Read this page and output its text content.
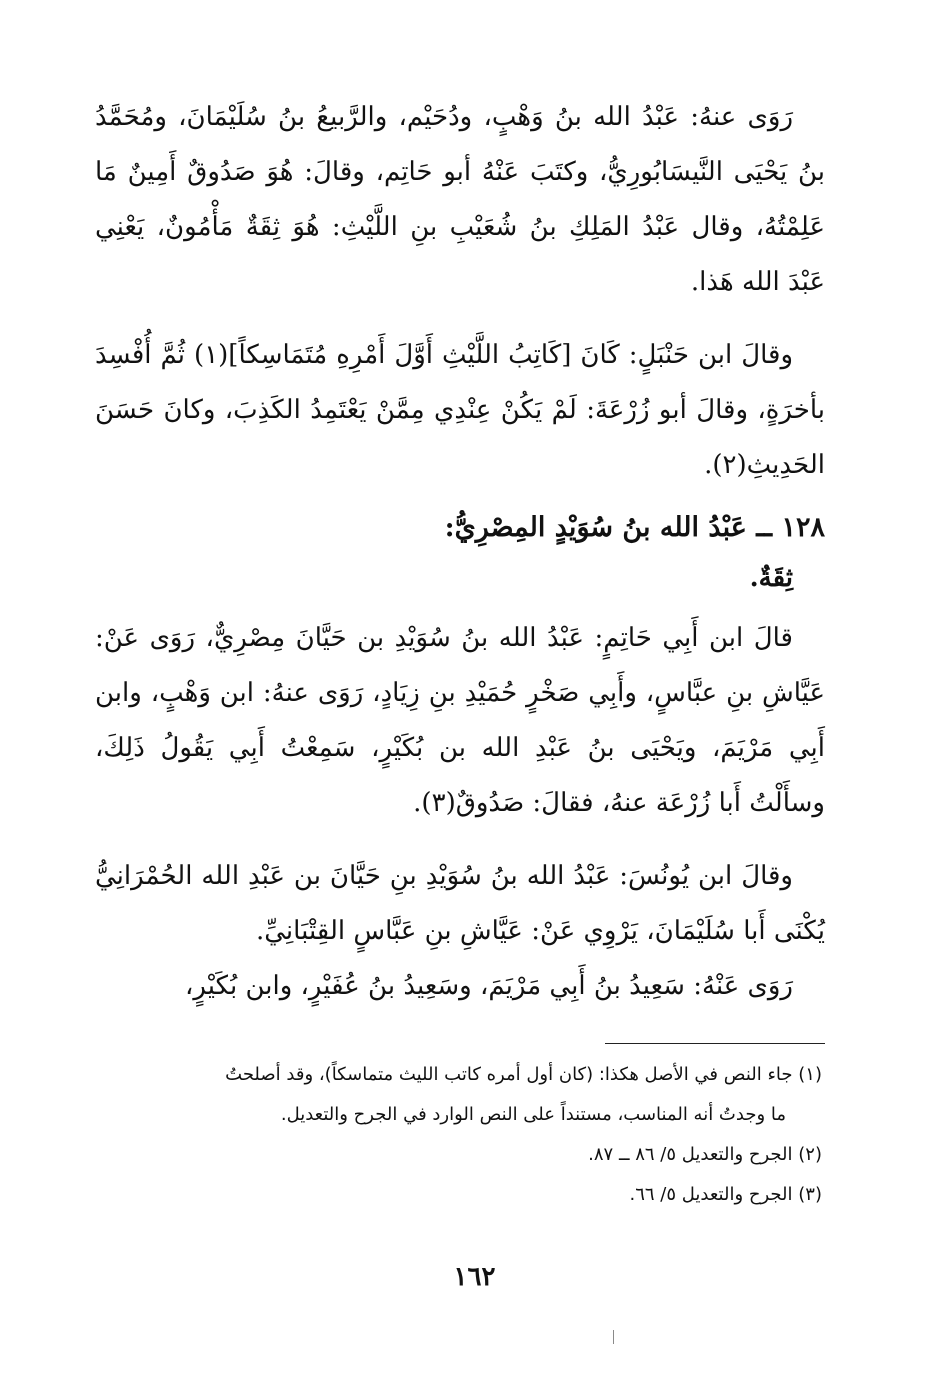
رَوَى عنهُ: عَبْدُ الله بنُ وَهْبٍ، ودُحَيْم، والرَّبيعُ بنُ سُلَيْمَانَ، ومُحَمَّدُ بنُ يَحْيَى النَّيسَابُورِيُّ، وكتَبَ عَنْهُ أبو حَاتِم، وقالَ: هُوَ صَدُوقٌ أَمِينٌ مَا عَلِمْتُهُ، وقال عَبْدُ المَلِكِ بنُ شُعَيْبِ بنِ اللَّيْثِ: هُوَ ثِقَةٌ مَأْمُونٌ، يَعْنِي عَبْدَ الله هَذا.

وقالَ ابن حَنْبَلٍ: كَانَ [كَاتِبُ اللَّيْثِ أَوَّلَ أَمْرِهِ مُتَمَاسِكاً](١) ثُمَّ أُفْسِدَ بأخرَةٍ، وقالَ أبو زُرْعَةَ: لَمْ يَكُنْ عِنْدِي مِمَّنْ يَعْتَمِدُ الكَذِبَ، وكانَ حَسَنَ الحَدِيثِ(٢).

١٢٨ ــ عَبْدُ الله بنُ سُوَيْدٍ المِصْرِيُّ:

ثِقَةٌ.

قالَ ابن أَبِي حَاتِمٍ: عَبْدُ الله بنُ سُوَيْدِ بن حَيَّانَ مِصْرِيٌّ، رَوَى عَنْ: عَيَّاشِ بنِ عبَّاسٍ، وأَبِي صَخْرٍ حُمَيْدِ بنِ زِيَادٍ، رَوَى عنهُ: ابن وَهْبٍ، وابن أَبِي مَرْيَمَ، ويَحْيَى بنُ عَبْدِ الله بن بُكَيْرٍ، سَمِعْتُ أَبِي يَقُولُ ذَلِكَ، وسأَلْتُ أَبا زُرْعَة عنهُ، فقالَ: صَدُوقٌ(٣).

وقالَ ابن يُونُسَ: عَبْدُ الله بنُ سُوَيْدِ بنِ حَيَّانَ بن عَبْدِ الله الحُمْرَانِيُّ يُكْنَى أَبا سُلَيْمَانَ، يَرْوِي عَنْ: عَيَّاشِ بنِ عَبَّاسٍ القِتْبَانِيِّ.

رَوَى عَنْهُ: سَعِيدُ بنُ أَبِي مَرْيَمَ، وسَعِيدُ بنُ عُفَيْرٍ، وابن بُكَيْرٍ،

(١) جاء النص في الأصل هكذا: (كان أول أمره كاتب الليث متماسكاً)، وقد أصلحتُ

ما وجدتُ أنه المناسب، مستنداً على النص الوارد في الجرح والتعديل.

(٢) الجرح والتعديل ٥/ ٨٦ ــ ٨٧.

(٣) الجرح والتعديل ٥/ ٦٦.

١٦٢
